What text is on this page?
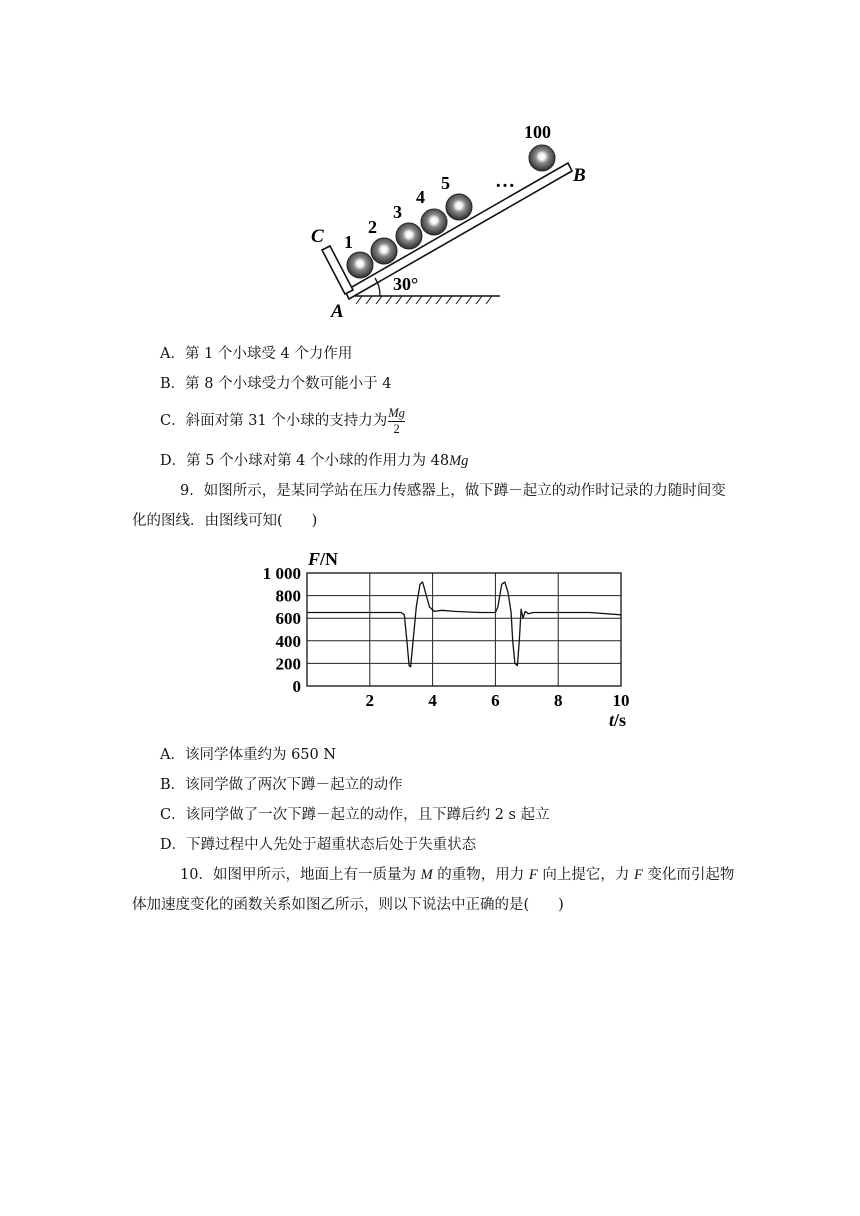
1
2
3
4
5
100
…	B
C
A
30°
A．第 1 个小球受 4 个力作用
B．第 8 个小球受力个数可能小于 4
C．斜面对第 31 个小球的支持力为 $\frac{Mg}{2}$
D．第 5 个小球对第 4 个小球的作用力为 48Mg
9．如图所示，是某同学站在压力传感器上，做下蹲－起立的动作时记录的力随时间变
化的图线．由图线可知(　　)
0
200
400
600
800
1 000
2	4	6	8	10
F/N
t/s
A．该同学体重约为 650 N
B．该同学做了两次下蹲－起立的动作
C．该同学做了一次下蹲－起立的动作，且下蹲后约 2 s 起立
D．下蹲过程中人先处于超重状态后处于失重状态
10．如图甲所示，地面上有一质量为 M 的重物，用力 F 向上提它，力 F 变化而引起物
体加速度变化的函数关系如图乙所示，则以下说法中正确的是(　　)
